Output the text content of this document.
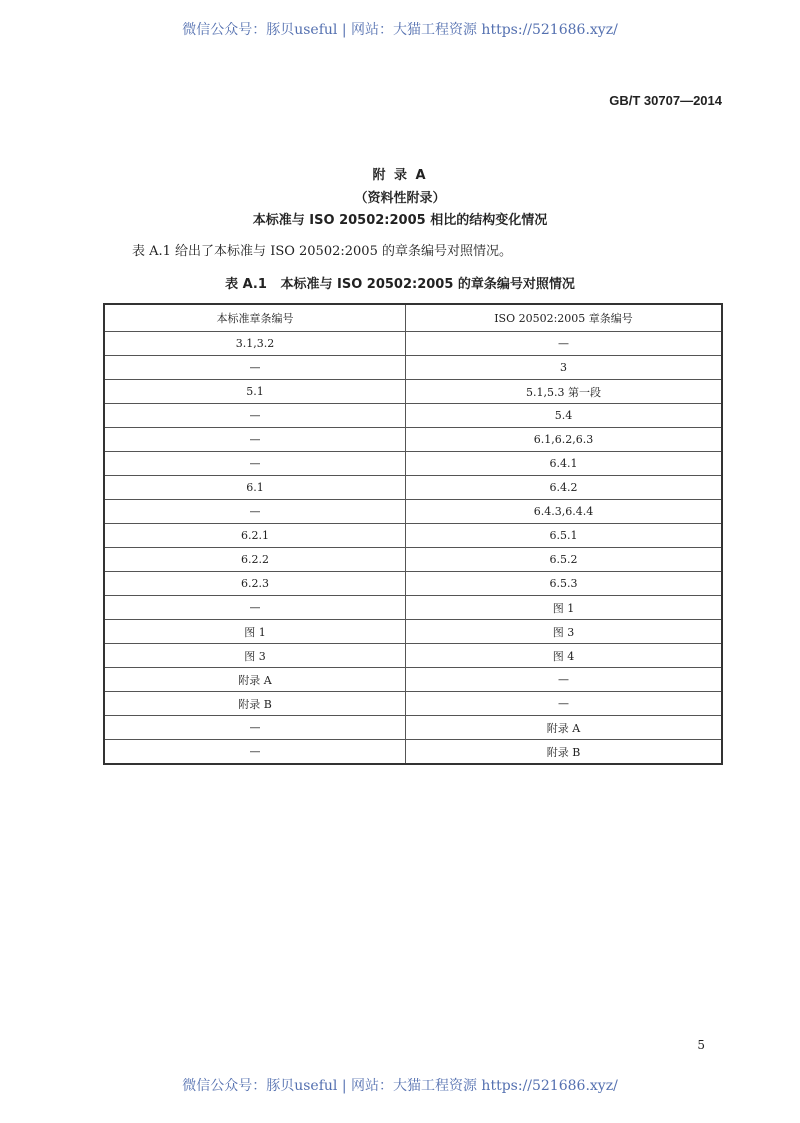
微信公众号：豚贝useful | 网站：大猫工程资源 https://521686.xyz/
GB/T 30707—2014
附 录 A
（资料性附录）
本标准与 ISO 20502:2005 相比的结构变化情况
表 A.1 给出了本标准与 ISO 20502:2005 的章条编号对照情况。
表 A.1   本标准与 ISO 20502:2005 的章条编号对照情况
本标准章条编号	ISO 20502:2005 章条编号
3.1,3.2	—
—	3
5.1	5.1,5.3 第一段
—	5.4
—	6.1,6.2,6.3
—	6.4.1
6.1	6.4.2
—	6.4.3,6.4.4
6.2.1	6.5.1
6.2.2	6.5.2
6.2.3	6.5.3
—	图 1
图 1	图 3
图 3	图 4
附录 A	—
附录 B	—
—	附录 A
—	附录 B
5
微信公众号：豚贝useful | 网站：大猫工程资源 https://521686.xyz/
